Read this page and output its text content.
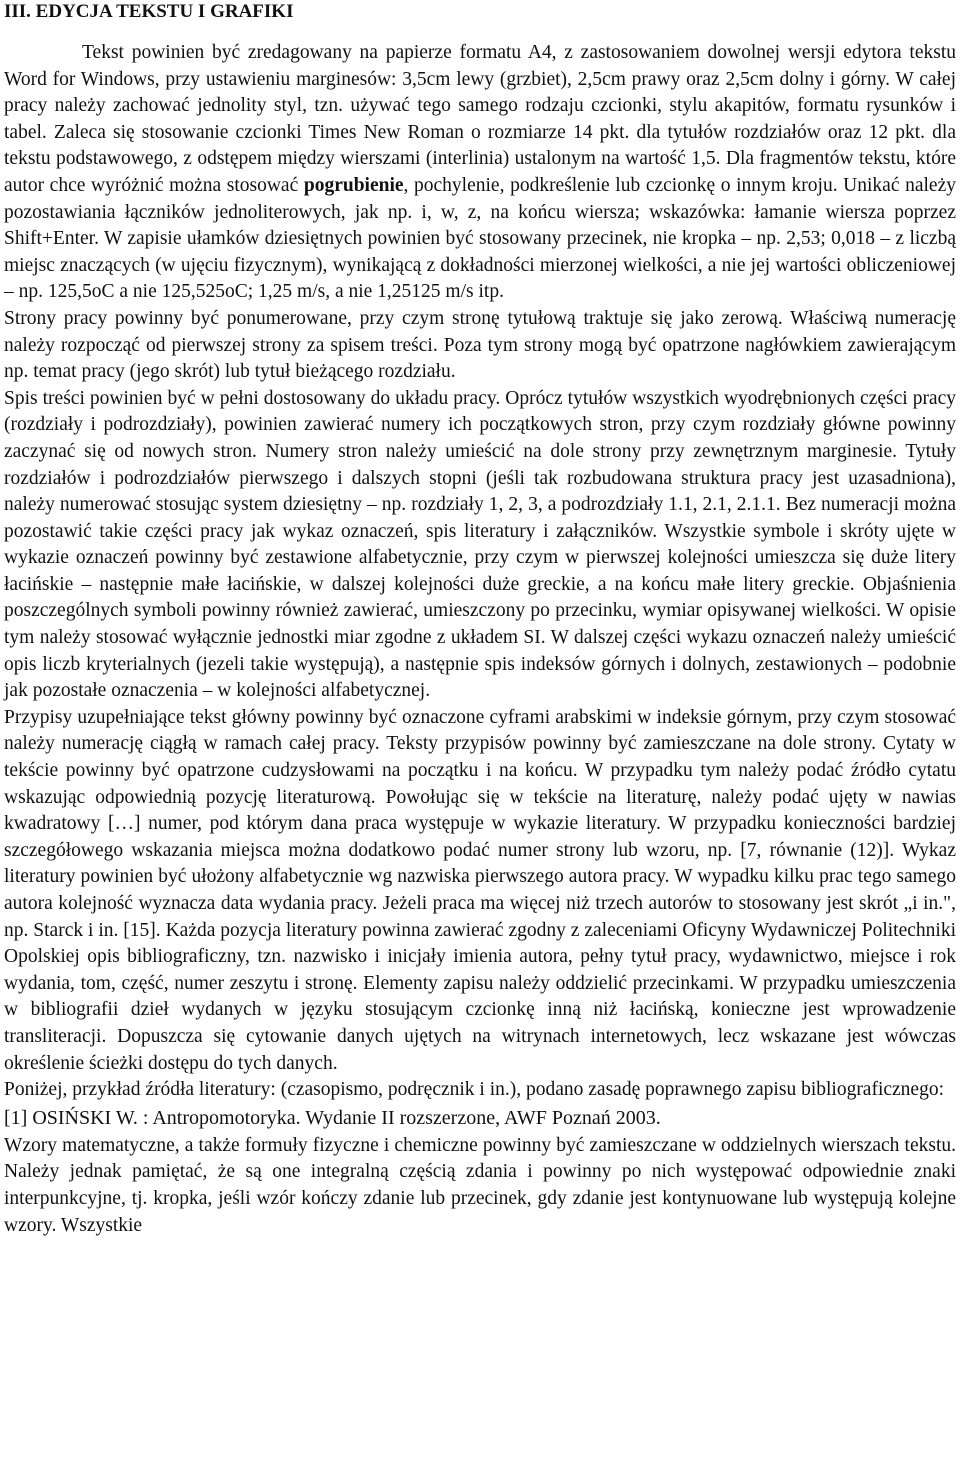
III. EDYCJA TEKSTU I GRAFIKI

Tekst powinien być zredagowany na papierze formatu A4, z zastosowaniem dowolnej wersji edytora tekstu Word for Windows, przy ustawieniu marginesów: 3,5cm lewy (grzbiet), 2,5cm prawy oraz 2,5cm dolny i górny. W całej pracy należy zachować jednolity styl, tzn. używać tego samego rodzaju czcionki, stylu akapitów, formatu rysunków i tabel. Zaleca się stosowanie czcionki Times New Roman o rozmiarze 14 pkt. dla tytułów rozdziałów oraz 12 pkt. dla tekstu podstawowego, z odstępem między wierszami (interlinia) ustalonym na wartość 1,5. Dla fragmentów tekstu, które autor chce wyróżnić można stosować pogrubienie, pochylenie, podkreślenie lub czcionkę o innym kroju. Unikać należy pozostawiania łączników jednoliterowych, jak np. i, w, z, na końcu wiersza; wskazówka: łamanie wiersza poprzez Shift+Enter. W zapisie ułamków dziesiętnych powinien być stosowany przecinek, nie kropka – np. 2,53; 0,018 – z liczbą miejsc znaczących (w ujęciu fizycznym), wynikającą z dokładności mierzonej wielkości, a nie jej wartości obliczeniowej – np. 125,5oC a nie 125,525oC; 1,25 m/s, a nie 1,25125 m/s itp.

Strony pracy powinny być ponumerowane, przy czym stronę tytułową traktuje się jako zerową. Właściwą numerację należy rozpocząć od pierwszej strony za spisem treści. Poza tym strony mogą być opatrzone nagłówkiem zawierającym np. temat pracy (jego skrót) lub tytuł bieżącego rozdziału.

Spis treści powinien być w pełni dostosowany do układu pracy. Oprócz tytułów wszystkich wyodrębnionych części pracy (rozdziały i podrozdziały), powinien zawierać numery ich początkowych stron, przy czym rozdziały główne powinny zaczynać się od nowych stron. Numery stron należy umieścić na dole strony przy zewnętrznym marginesie. Tytuły rozdziałów i podrozdziałów pierwszego i dalszych stopni (jeśli tak rozbudowana struktura pracy jest uzasadniona), należy numerować stosując system dziesiętny – np. rozdziały 1, 2, 3, a podrozdziały 1.1, 2.1, 2.1.1. Bez numeracji można pozostawić takie części pracy jak wykaz oznaczeń, spis literatury i załączników. Wszystkie symbole i skróty ujęte w wykazie oznaczeń powinny być zestawione alfabetycznie, przy czym w pierwszej kolejności umieszcza się duże litery łacińskie – następnie małe łacińskie, w dalszej kolejności duże greckie, a na końcu małe litery greckie. Objaśnienia poszczególnych symboli powinny również zawierać, umieszczony po przecinku, wymiar opisywanej wielkości. W opisie tym należy stosować wyłącznie jednostki miar zgodne z układem SI. W dalszej części wykazu oznaczeń należy umieścić opis liczb kryterialnych (jezeli takie występują), a następnie spis indeksów górnych i dolnych, zestawionych – podobnie jak pozostałe oznaczenia – w kolejności alfabetycznej.

Przypisy uzupełniające tekst główny powinny być oznaczone cyframi arabskimi w indeksie górnym, przy czym stosować należy numerację ciągłą w ramach całej pracy. Teksty przypisów powinny być zamieszczane na dole strony. Cytaty w tekście powinny być opatrzone cudzysłowami na początku i na końcu. W przypadku tym należy podać źródło cytatu wskazując odpowiednią pozycję literaturową. Powołując się w tekście na literaturę, należy podać ujęty w nawias kwadratowy […] numer, pod którym dana praca występuje w wykazie literatury. W przypadku konieczności bardziej szczegółowego wskazania miejsca można dodatkowo podać numer strony lub wzoru, np. [7, równanie (12)]. Wykaz literatury powinien być ułożony alfabetycznie wg nazwiska pierwszego autora pracy. W wypadku kilku prac tego samego autora kolejność wyznacza data wydania pracy. Jeżeli praca ma więcej niż trzech autorów to stosowany jest skrót „i in.", np. Starck i in. [15]. Każda pozycja literatury powinna zawierać zgodny z zaleceniami Oficyny Wydawniczej Politechniki Opolskiej opis bibliograficzny, tzn. nazwisko i inicjały imienia autora, pełny tytuł pracy, wydawnictwo, miejsce i rok wydania, tom, część, numer zeszytu i stronę. Elementy zapisu należy oddzielić przecinkami. W przypadku umieszczenia w bibliografii dzieł wydanych w języku stosującym czcionkę inną niż łacińską, konieczne jest wprowadzenie transliteracji. Dopuszcza się cytowanie danych ujętych na witrynach internetowych, lecz wskazane jest wówczas określenie ścieżki dostępu do tych danych.

Poniżej, przykład źródła literatury: (czasopismo, podręcznik i in.), podano zasadę poprawnego zapisu bibliograficznego:

[1] OSIŃSKI W. : Antropomotoryka. Wydanie II rozszerzone, AWF Poznań 2003.

Wzory matematyczne, a także formuły fizyczne i chemiczne powinny być zamieszczane w oddzielnych wierszach tekstu. Należy jednak pamiętać, że są one integralną częścią zdania i powinny po nich występować odpowiednie znaki interpunkcyjne, tj. kropka, jeśli wzór kończy zdanie lub przecinek, gdy zdanie jest kontynuowane lub występują kolejne wzory. Wszystkie
